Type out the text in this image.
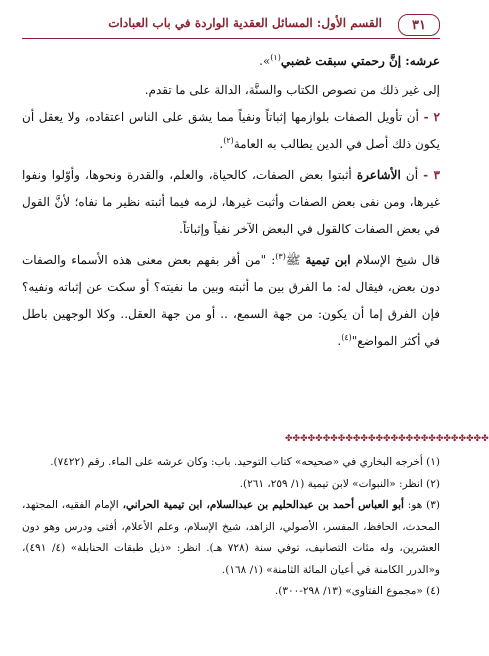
القسم الأول: المسائل العقدية الواردة في باب العبادات	٣١

عرشه: إنَّ رحمتي سبقت غضبي$^{(١)}$».

إلى غير ذلك من نصوص الكتاب والسنَّة، الدالة على ما تقدم.

٢ - أن تأويل الصفات بلوازمها إثباتاً ونفياً مما يشق على الناس اعتقاده، ولا يعقل أن يكون ذلك أصل في الدين يطالب به العامة$^{(٢)}$.

٣ - أن الأشاعرة أثبتوا بعض الصفات، كالحياة، والعلم، والقدرة ونحوها، وأوّلوا ونفوا غيرها، ومن نفى بعض الصفات وأثبت غيرها، لزمه فيما أثبته نظير ما نفاه؛ لأنَّ القول في بعض الصفات كالقول في البعض الآخر نفياً وإثباتاً.

قال شيخ الإسلام ابن تيمية ﷺ$^{(٣)}$: "من أقر بفهم بعض معنى هذه الأسماء والصفات دون بعض، فيقال له: ما الفرق بين ما أثبته وبين ما نفيته؟ أو سكت عن إثباته ونفيه؟ فإن الفرق إما أن يكون: من جهة السمع، .. أو من جهة العقل.. وكلا الوجهين باطل في أكثر المواضع"$^{(٤)}$.

✤✤✤✤✤✤✤✤✤✤✤✤✤✤✤✤✤✤✤✤✤✤✤✤✤✤✤

(١) أخرجه البخاري في «صحيحه» كتاب التوحيد. باب: وكان عرشه على الماء. رقم (٧٤٢٢).

(٢) انظر: «النبوات» لابن تيمية (١/ ٢٥٩، ٢٦١).

(٣) هو: أبو العباس أحمد بن عبدالحليم بن عبدالسلام، ابن تيمية الحراني، الإمام الفقيه، المجتهد، المحدث، الحافظ، المفسر، الأصولي، الزاهد، شيخ الإسلام، وعلم الأعلام، أفتى ودرس وهو دون العشرين، وله مئات التصانيف، توفي سنة (٧٢٨ هـ). انظر: «ذيل طبقات الحنابلة» (٤/ ٤٩١)، و«الدرر الكامنة في أعيان المائة الثامنة» (١/ ١٦٨).

(٤) «مجموع الفتاوى» (١٣/ ٢٩٨-٣٠٠).
